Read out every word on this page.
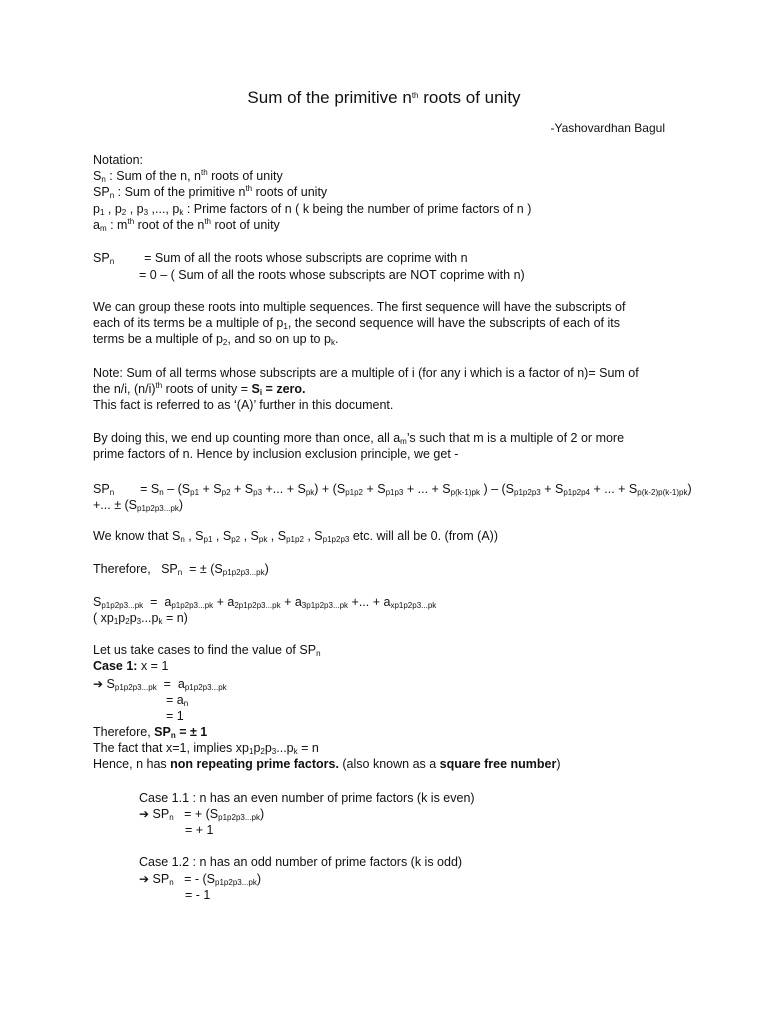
Sum of the primitive $n^{th}$ roots of unity
-Yashovardhan Bagul
Notation:
$S_n$ : Sum of the n, $n^{th}$ roots of unity
$SP_n$ : Sum of the primitive $n^{th}$ roots of unity
$p_1$ , $p_2$ , $p_3$ ,..., $p_k$ : Prime factors of n ( k being the number of prime factors of n )
$a_m$ : $m^{th}$ root of the $n^{th}$ root of unity
$SP_n$ = Sum of all the roots whose subscripts are coprime with n
= 0 – ( Sum of all the roots whose subscripts are NOT coprime with n)
We can group these roots into multiple sequences. The first sequence will have the subscripts of
each of its terms be a multiple of $p_1$, the second sequence will have the subscripts of each of its
terms be a multiple of $p_2$, and so on up to $p_k$.
Note: Sum of all terms whose subscripts are a multiple of i (for any i which is a factor of n)= Sum of
the n/i, $(n/i)^{th}$ roots of unity = $S_i$ = zero.
This fact is referred to as ‘(A)’ further in this document.
By doing this, we end up counting more than once, all $a_m’s$ such that m is a multiple of 2 or more
prime factors of n. Hence by inclusion exclusion principle, we get -
$SP_n = S_n - (S_{p1} + S_{p2} + S_{p3}$ +... + $S_{pk}) + (S_{p1p2} + S_{p1p3}$ + ... + $S_{p(k-1)pk}$ ) – ($S_{p1p2p3} + S_{p1p2p4}$ + ... + $S_{p(k-2)p(k-1)pk}$)
+... ± $(S_{p1p2p3...pk})$
We know that $S_n$ , $S_{p1}$ , $S_{p2}$ , $S_{pk}$ , $S_{p1p2}$ , $S_{p1p2p3}$ etc. will all be 0. (from (A))
Therefore,   $SP_n$  = ± $(S_{p1p2p3...pk})$
$S_{p1p2p3...pk} = a_{p1p2p3...pk} + a_{2p1p2p3...pk} + a_{3p1p2p3...pk}$ +... + $a_{xp1p2p3...pk}$
( $xp_1p_2p_3...p_k = n$)
Let us take cases to find the value of $SP_n$
Case 1: x = 1
➔ $S_{p1p2p3...pk} = a_{p1p2p3...pk}$
= $a_n$
= 1
Therefore, $SP_n$ = ± 1
The fact that x=1, implies $xp_1p_2p_3...p_k = n$
Hence, n has non repeating prime factors. (also known as a square free number)
Case 1.1 : n has an even number of prime factors (k is even)
➔ $SP_n$ = + $(S_{p1p2p3...pk})$
= + 1
Case 1.2 : n has an odd number of prime factors (k is odd)
➔ $SP_n$ = - $(S_{p1p2p3...pk})$
= - 1
